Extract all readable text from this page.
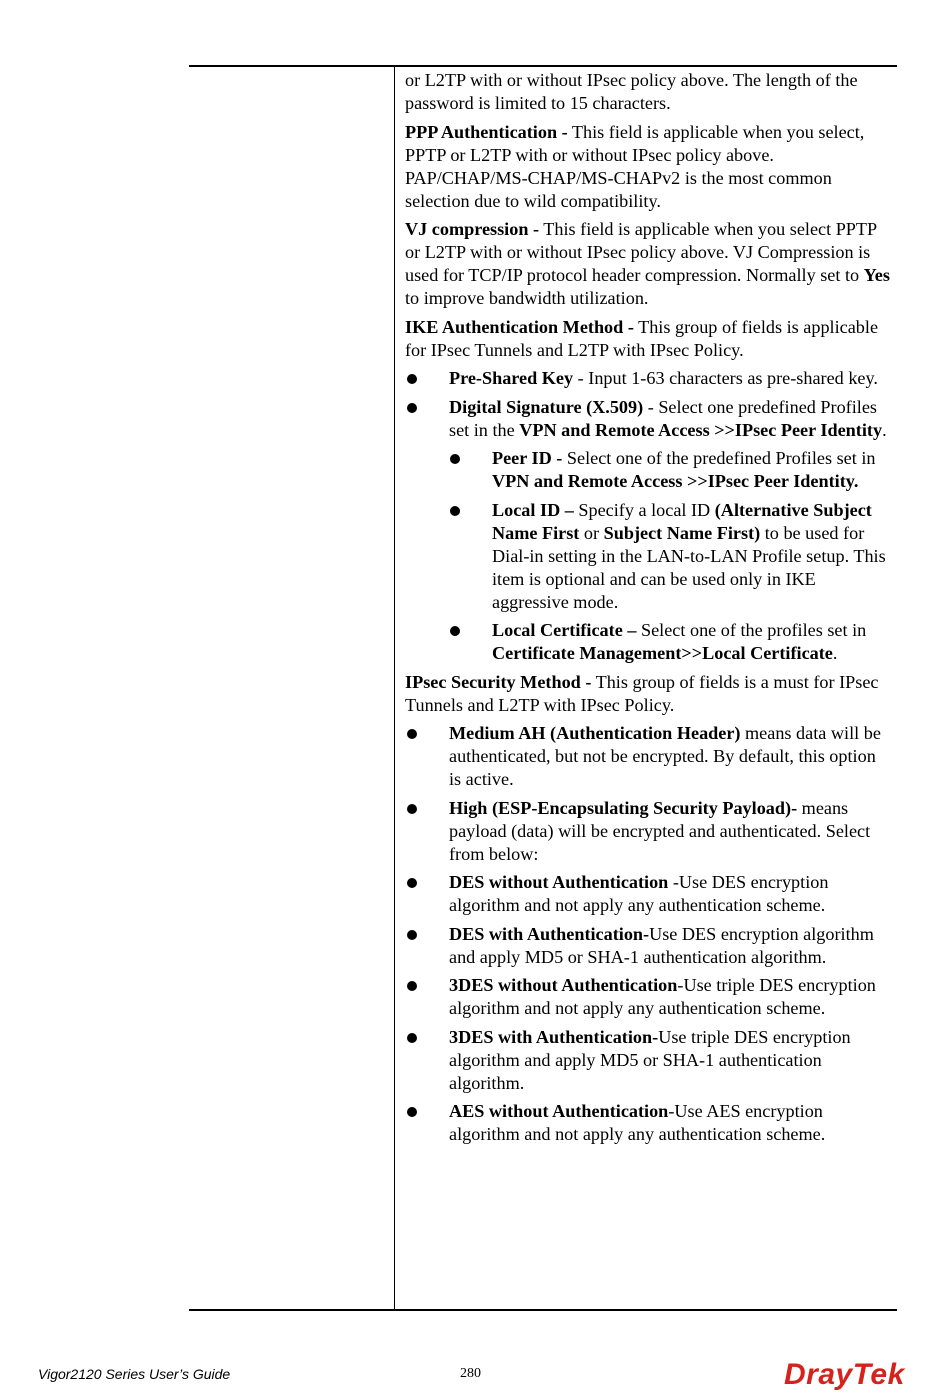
or L2TP with or without IPsec policy above. The length of the password is limited to 15 characters.
PPP Authentication - This field is applicable when you select, PPTP or L2TP with or without IPsec policy above. PAP/CHAP/MS-CHAP/MS-CHAPv2 is the most common selection due to wild compatibility.
VJ compression - This field is applicable when you select PPTP or L2TP with or without IPsec policy above. VJ Compression is used for TCP/IP protocol header compression. Normally set to Yes to improve bandwidth utilization.
IKE Authentication Method - This group of fields is applicable for IPsec Tunnels and L2TP with IPsec Policy.
Pre-Shared Key - Input 1-63 characters as pre-shared key.
Digital Signature (X.509) - Select one predefined Profiles set in the VPN and Remote Access >>IPsec Peer Identity.
Peer ID - Select one of the predefined Profiles set in VPN and Remote Access >>IPsec Peer Identity.
Local ID – Specify a local ID (Alternative Subject Name First or Subject Name First) to be used for Dial-in setting in the LAN-to-LAN Profile setup. This item is optional and can be used only in IKE aggressive mode.
Local Certificate – Select one of the profiles set in Certificate Management>>Local Certificate.
IPsec Security Method - This group of fields is a must for IPsec Tunnels and L2TP with IPsec Policy.
Medium AH (Authentication Header) means data will be authenticated, but not be encrypted. By default, this option is active.
High (ESP-Encapsulating Security Payload)- means payload (data) will be encrypted and authenticated. Select from below:
DES without Authentication -Use DES encryption algorithm and not apply any authentication scheme.
DES with Authentication-Use DES encryption algorithm and apply MD5 or SHA-1 authentication algorithm.
3DES without Authentication-Use triple DES encryption algorithm and not apply any authentication scheme.
3DES with Authentication-Use triple DES encryption algorithm and apply MD5 or SHA-1 authentication algorithm.
AES without Authentication-Use AES encryption algorithm and not apply any authentication scheme.
Vigor2120 Series User’s Guide	280	DrayTek
